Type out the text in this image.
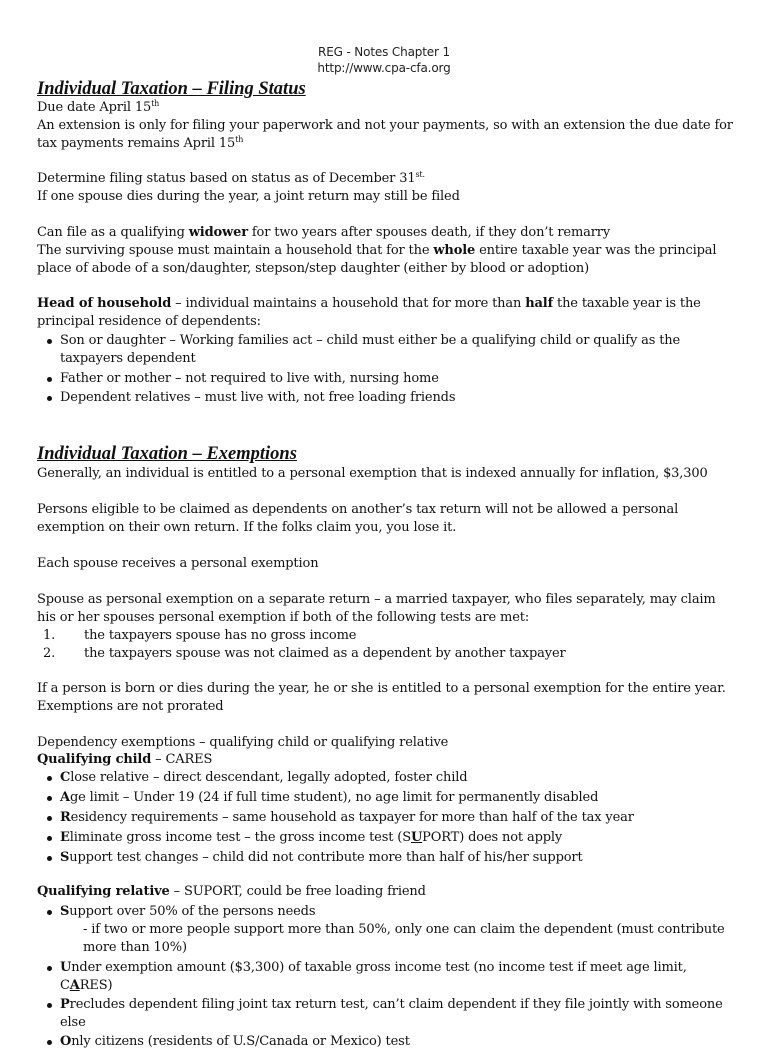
REG - Notes Chapter 1
http://www.cpa-cfa.org
Individual Taxation – Filing Status

Due date April 15th

An extension is only for filing your paperwork and not your payments, so with an extension the due date for tax payments remains April 15th

Determine filing status based on status as of December $31^{st.}$

If one spouse dies during the year, a joint return may still be filed

Can file as a qualifying widower for two years after spouses death, if they don’t remarry

The surviving spouse must maintain a household that for the whole entire taxable year was the principal place of abode of a son/daughter, stepson/step daughter (either by blood or adoption)

Head of household – individual maintains a household that for more than half the taxable year is the principal residence of dependents:

Son or daughter – Working families act – child must either be a qualifying child or qualify as the taxpayers dependent
Father or mother – not required to live with, nursing home
Dependent relatives – must live with, not free loading friends
Individual Taxation – Exemptions

Generally, an individual is entitled to a personal exemption that is indexed annually for inflation, $3,300

Persons eligible to be claimed as dependents on another’s tax return will not be allowed a personal exemption on their own return. If the folks claim you, you lose it.

Each spouse receives a personal exemption

Spouse as personal exemption on a separate return – a married taxpayer, who files separately, may claim his or her spouses personal exemption if both of the following tests are met:

1. the taxpayers spouse has no gross income
2. the taxpayers spouse was not claimed as a dependent by another taxpayer

If a person is born or dies during the year, he or she is entitled to a personal exemption for the entire year. Exemptions are not prorated

Dependency exemptions – qualifying child or qualifying relative

Qualifying child – CARES

Close relative – direct descendant, legally adopted, foster child
Age limit – Under 19 (24 if full time student), no age limit for permanently disabled
Residency requirements – same household as taxpayer for more than half of the tax year
Eliminate gross income test – the gross income test (SUPORT) does not apply
Support test changes – child did not contribute more than half of his/her support

Qualifying relative – SUPORT, could be free loading friend

Support over 50% of the persons needs
- if two or more people support more than 50%, only one can claim the dependent (must contribute more than 10%)
Under exemption amount ($3,300) of taxable gross income test (no income test if meet age limit, CARES)
Precludes dependent filing joint tax return test, can’t claim dependent if they file jointly with someone else
Only citizens (residents of U.S/Canada or Mexico) test
